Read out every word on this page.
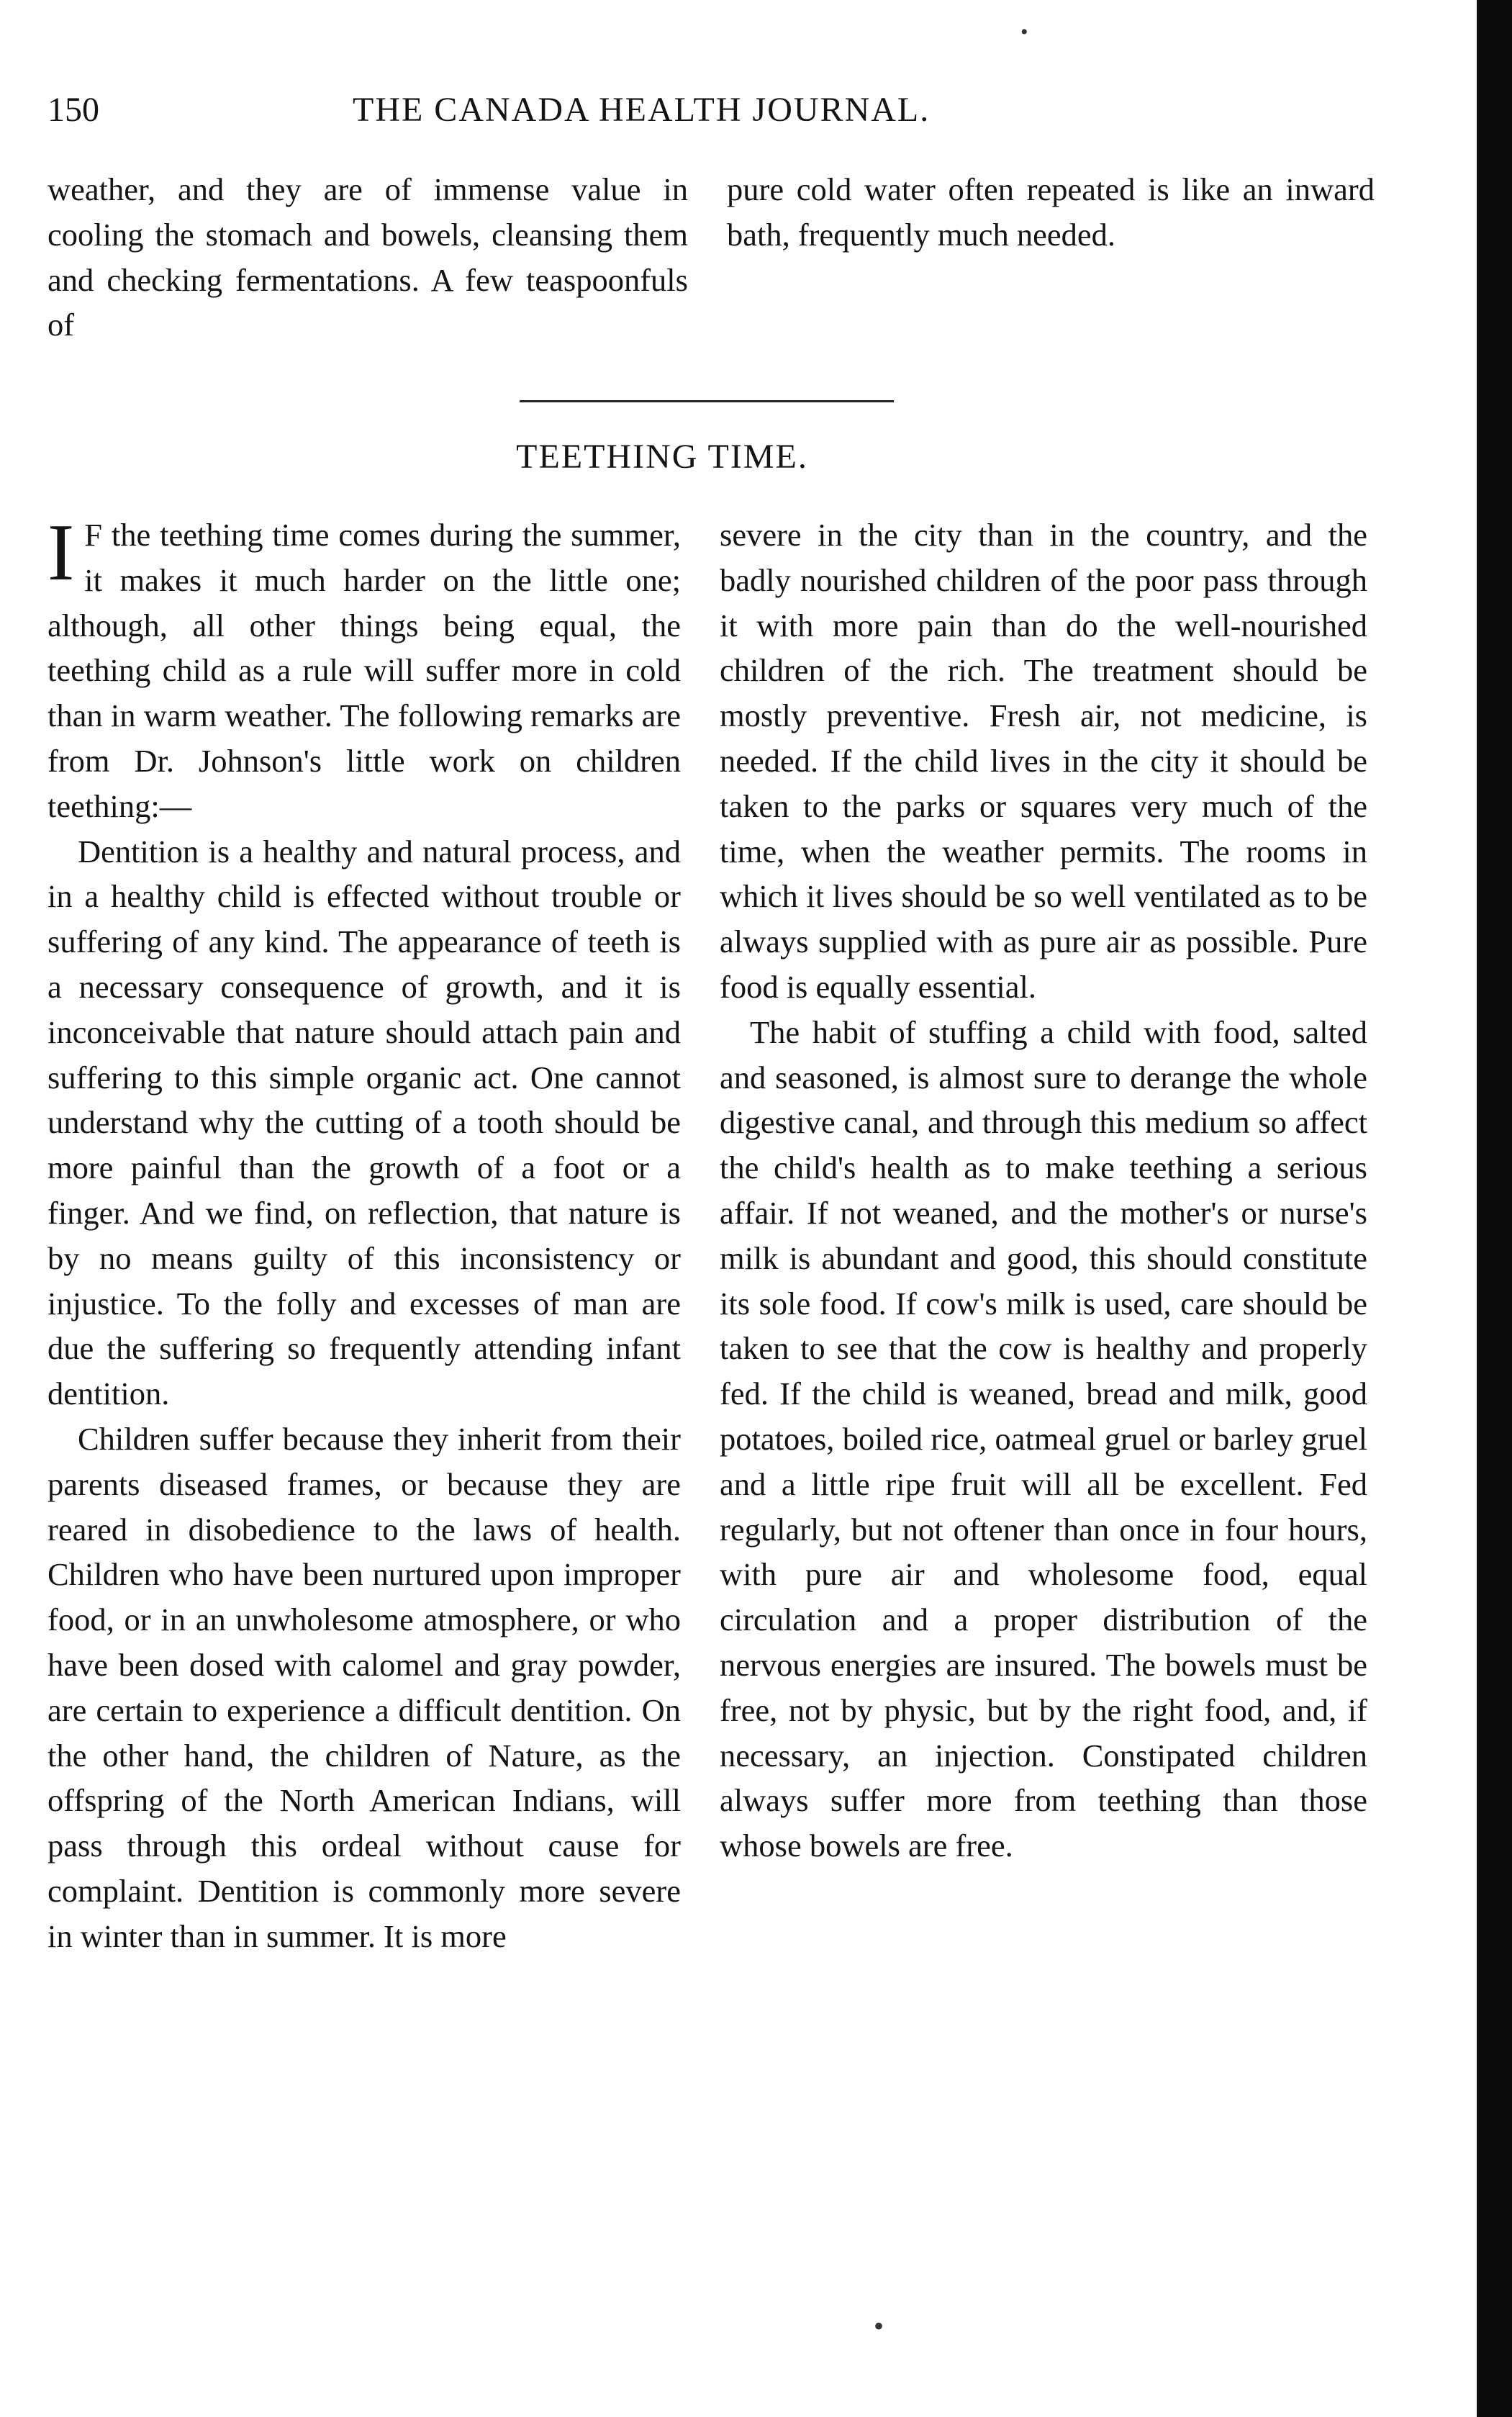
•
•
150	THE CANADA HEALTH JOURNAL.

weather, and they are of immense value in cooling the stomach and bowels, cleansing them and checking fermentations. A few teaspoonfuls of

pure cold water often repeated is like an inward bath, frequently much needed.

TEETHING TIME.

I F the teething time comes during the summer, it makes it much harder on the little one; although, all other things being equal, the teething child as a rule will suffer more in cold than in warm weather. The following remarks are from Dr. Johnson's little work on children teething:—

Dentition is a healthy and natural process, and in a healthy child is effected without trouble or suffering of any kind. The appearance of teeth is a necessary consequence of growth, and it is inconceivable that nature should attach pain and suffering to this simple organic act. One cannot understand why the cutting of a tooth should be more painful than the growth of a foot or a finger. And we find, on reflection, that nature is by no means guilty of this inconsistency or injustice. To the folly and excesses of man are due the suffering so frequently attending infant dentition.

Children suffer because they inherit from their parents diseased frames, or because they are reared in disobedience to the laws of health. Children who have been nurtured upon improper food, or in an unwholesome atmosphere, or who have been dosed with calomel and gray powder, are certain to experience a difficult dentition. On the other hand, the children of Nature, as the offspring of the North American Indians, will pass through this ordeal without cause for complaint. Dentition is commonly more severe in winter than in summer. It is more

severe in the city than in the country, and the badly nourished children of the poor pass through it with more pain than do the well-nourished children of the rich. The treatment should be mostly preventive. Fresh air, not medicine, is needed. If the child lives in the city it should be taken to the parks or squares very much of the time, when the weather permits. The rooms in which it lives should be so well ventilated as to be always supplied with as pure air as possible. Pure food is equally essential.

The habit of stuffing a child with food, salted and seasoned, is almost sure to derange the whole digestive canal, and through this medium so affect the child's health as to make teething a serious affair. If not weaned, and the mother's or nurse's milk is abundant and good, this should constitute its sole food. If cow's milk is used, care should be taken to see that the cow is healthy and properly fed. If the child is weaned, bread and milk, good potatoes, boiled rice, oatmeal gruel or barley gruel and a little ripe fruit will all be excellent. Fed regularly, but not oftener than once in four hours, with pure air and wholesome food, equal circulation and a proper distribution of the nervous energies are insured. The bowels must be free, not by physic, but by the right food, and, if necessary, an injection. Constipated children always suffer more from teething than those whose bowels are free.
